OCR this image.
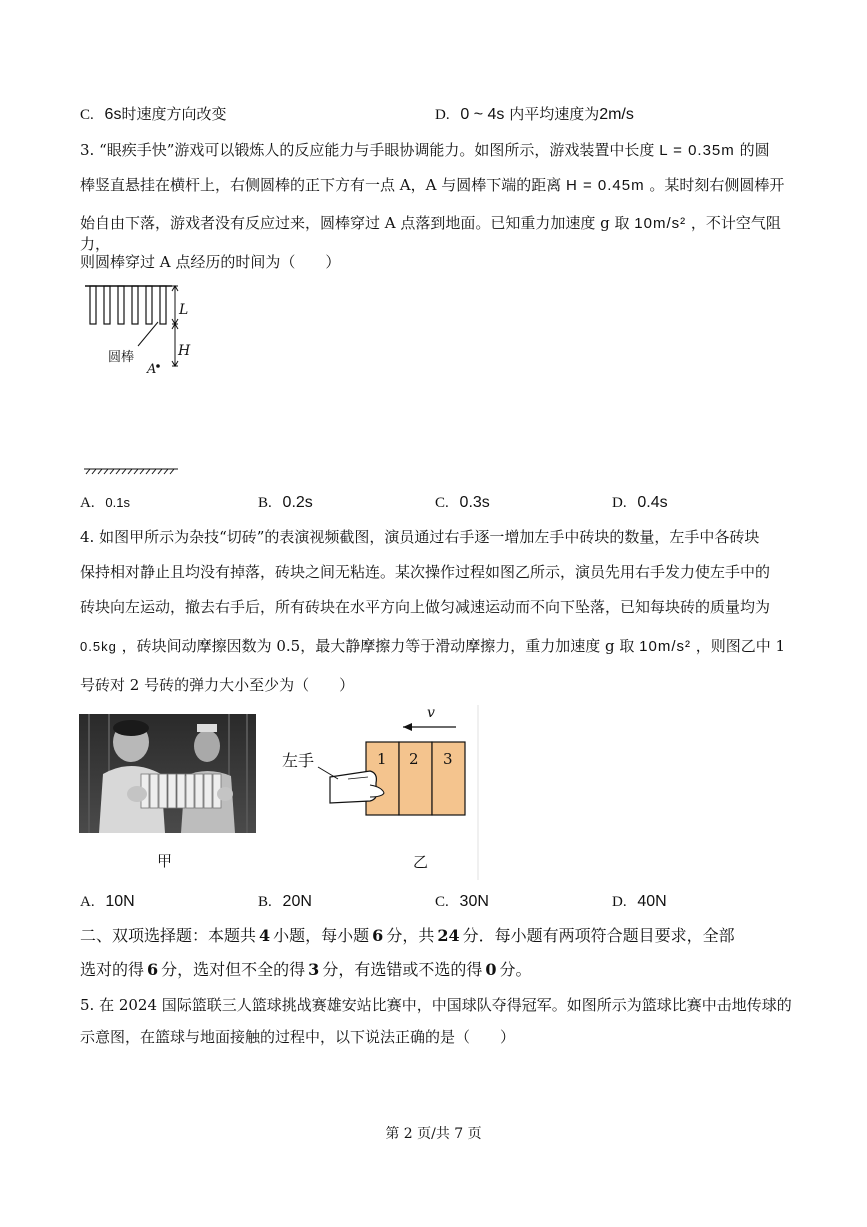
C. 6s时速度方向改变	D. 0 ~ 4s 内平均速度为2m/s
3. “眼疾手快”游戏可以锻炼人的反应能力与手眼协调能力。如图所示，游戏装置中长度 L = 0.35m 的圆
棒竖直悬挂在横杆上，右侧圆棒的正下方有一点 A，A 与圆棒下端的距离 H = 0.45m 。某时刻右侧圆棒开
始自由下落，游戏者没有反应过来，圆棒穿过 A 点落到地面。已知重力加速度 g 取 10m/s² ，不计空气阻力，
则圆棒穿过 A 点经历的时间为（　　）
L
H
圆棒
A
A. 0.1s	B. 0.2s	C. 0.3s	D. 0.4s
4. 如图甲所示为杂技“切砖”的表演视频截图，演员通过右手逐一增加左手中砖块的数量，左手中各砖块
保持相对静止且均没有掉落，砖块之间无粘连。某次操作过程如图乙所示，演员先用右手发力使左手中的
砖块向左运动，撤去右手后，所有砖块在水平方向上做匀减速运动而不向下坠落，已知每块砖的质量均为
0.5kg ，砖块间动摩擦因数为 0.5，最大静摩擦力等于滑动摩擦力，重力加速度 g 取 10m/s² ，则图乙中 1
号砖对 2 号砖的弹力大小至少为（　　）
甲
v
左手	1 2 3
乙
A. 10N	B. 20N	C. 30N	D. 40N
二、双项选择题：本题共 4 小题，每小题 6 分，共 24 分．每小题有两项符合题目要求，全部
选对的得 6 分，选对但不全的得 3 分，有选错或不选的得 0 分。
5. 在 2024 国际篮联三人篮球挑战赛雄安站比赛中，中国球队夺得冠军。如图所示为篮球比赛中击地传球的
示意图，在篮球与地面接触的过程中，以下说法正确的是（　　）
第 2 页/共 7 页
